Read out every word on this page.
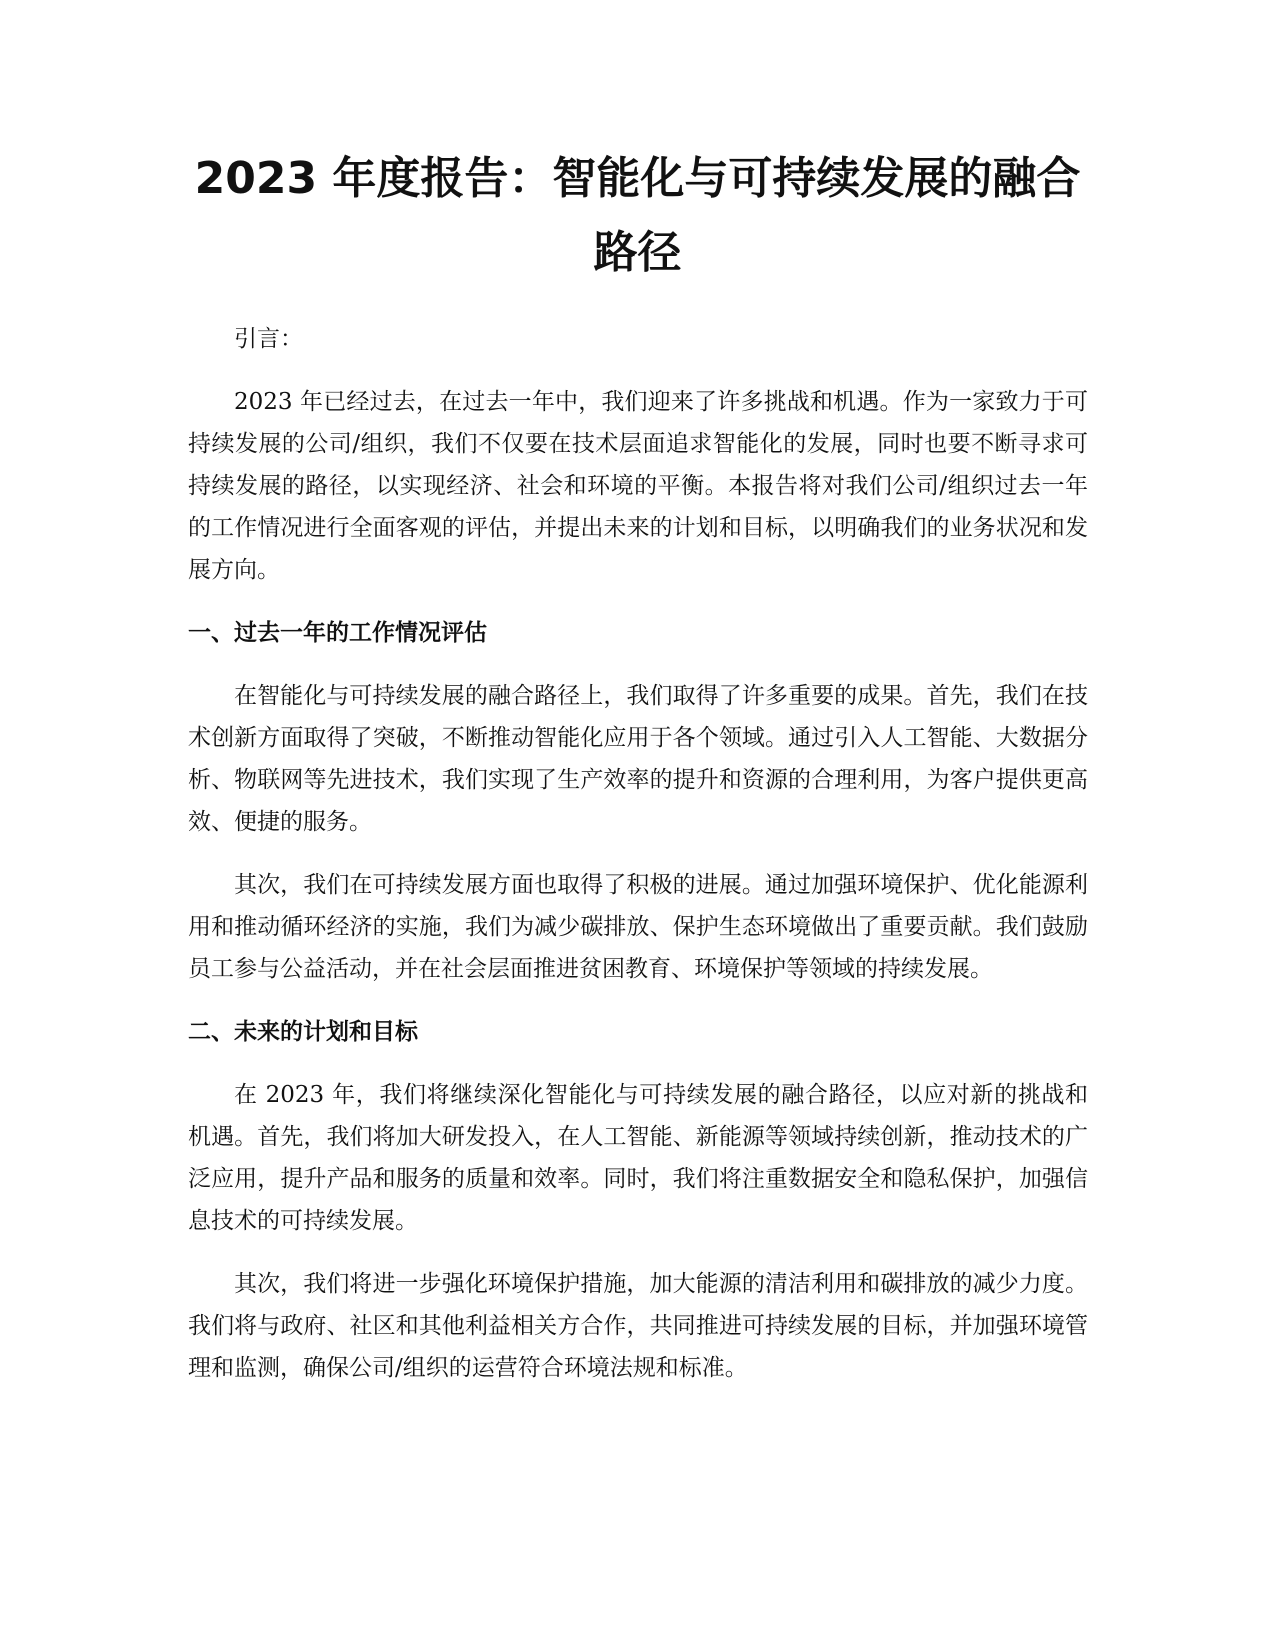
2023 年度报告：智能化与可持续发展的融合
路径

引言：

2023 年已经过去，在过去一年中，我们迎来了许多挑战和机遇。作为一家致力于可持续发展的公司/组织，我们不仅要在技术层面追求智能化的发展，同时也要不断寻求可持续发展的路径，以实现经济、社会和环境的平衡。本报告将对我们公司/组织过去一年的工作情况进行全面客观的评估，并提出未来的计划和目标，以明确我们的业务状况和发展方向。

一、过去一年的工作情况评估

在智能化与可持续发展的融合路径上，我们取得了许多重要的成果。首先，我们在技术创新方面取得了突破，不断推动智能化应用于各个领域。通过引入人工智能、大数据分析、物联网等先进技术，我们实现了生产效率的提升和资源的合理利用，为客户提供更高效、便捷的服务。

其次，我们在可持续发展方面也取得了积极的进展。通过加强环境保护、优化能源利用和推动循环经济的实施，我们为减少碳排放、保护生态环境做出了重要贡献。我们鼓励员工参与公益活动，并在社会层面推进贫困教育、环境保护等领域的持续发展。

二、未来的计划和目标

在 2023 年，我们将继续深化智能化与可持续发展的融合路径，以应对新的挑战和机遇。首先，我们将加大研发投入，在人工智能、新能源等领域持续创新，推动技术的广泛应用，提升产品和服务的质量和效率。同时，我们将注重数据安全和隐私保护，加强信息技术的可持续发展。

其次，我们将进一步强化环境保护措施，加大能源的清洁利用和碳排放的减少力度。我们将与政府、社区和其他利益相关方合作，共同推进可持续发展的目标，并加强环境管理和监测，确保公司/组织的运营符合环境法规和标准。
